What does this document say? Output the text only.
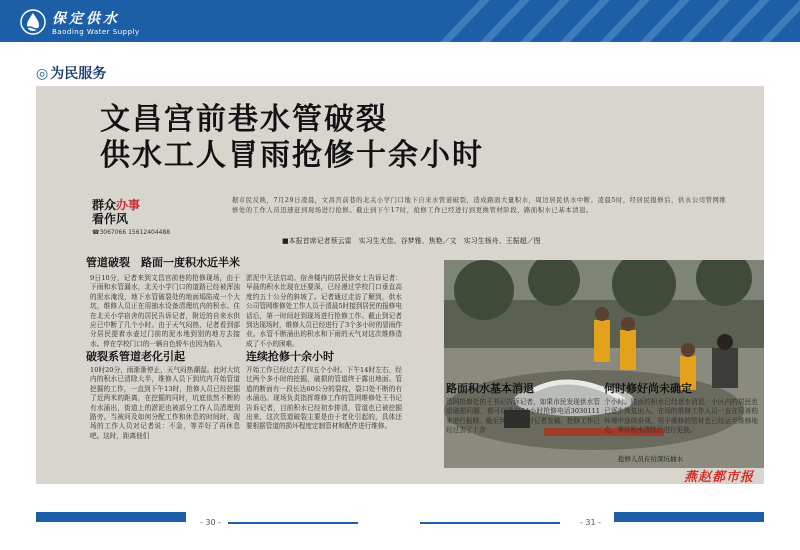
保定供水
Baoding Water Supply
◎ 为民服务
文昌宫前巷水管破裂
供水工人冒雨抢修十余小时
群众办事
看作风
☎3067066 15612404488
据市民反映，7月29日凌晨，文昌宫前巷的北关小学门口地下自来水管道破裂，造成路面大量积水，周边居民供水中断。凌晨5时，经居民报修后，供水公司管网维修处的工作人员迅速赶到现场进行抢修。截止到下午17时，抢修工作已经进行到更换管材阶段，路面积水已基本清退。
■本报首席记者蔡云雷　实习生尤佳、谷梦雅、焦艳／文　实习生杨舟、王振超／图
管道破裂　路面一度积水近半米
9日10分，记者来到文昌宫前巷的抢修现场，由于下雨和水管漏水，北关小学门口的道路已经被浑浊的泥水淹没，地下水管破裂处的地面塌陷成一个大坑，维修人员正在用抽水设备清理坑内的积水。住在北关小学宿舍的居民告诉记者，附近的自来水供应已中断了几个小时。由于天气闷热，记者看到部分居民提着水壶过门前的泥水地到别的地方去接水。停在学校门口的一辆自色轿车也因为陷入
淤泥中无法启动。宿舍楼内的居民徐女士告诉记者：早晨的积水比现在还要深，已经漫过学校门口垂直高度约五十公分的斜坡了。记者通过走访了解到，供水公司管网维修处工作人员于清晨5时接到居民的报修电话后，第一时间赶到现场进行抢修工作。截止到记者到达现场时，维修人员已经进行了3个多小时的冒雨作业。水管不断涌出的积水和下雨的天气对这次维修造成了不小的困难。
破裂系管道老化引起
10时20分，雨渐渐停止，天气闷热潮湿。此时大坑内的积水已清除大半，维修人员下到坑内开始管道挖掘的工作，一直到下午13时，抢修人员已经挖掘了近两米的距离，在挖掘的同时，坑底依然不断的有水涌出，街道上的淤泥也被部分工作人员清理到路旁。当被问及如何分配工作和休息的时间时，现场的工作人员对记者说：不急，等弄好了再休息吧。这时，距离他们
连续抢修十余小时
开始工作已经过去了四五个小时。下午14时左右，经过两个多小时的挖掘，破损的管道终于露出地面。管道的断面有一段长达60公分的裂纹，裂口处不断的有水涌出。现场负责指挥维修工作的管网维修处王书记告诉记者，目前积水已经初步排清，管道也已被挖掘出来，这次管道破裂主要是由于老化引起的，具体还要根据管道的损坏程度定制管材和配件进行维修。
抢修人员在给深坑抽水
路面积水基本消退
管网抢修处的王书记告诉记者，如果市民发现供水管道破损问题，都可以拨打24小时抢修电话3030111来进行报修。截至到下午16时记者发稿，抢修工作已经过去了十余
何时修好尚未确定
个小时。路面的积水已经逐步消退，小区内的居民也已逐步恢复出入。在场的维修工作人员一直在尽善的环境中连续奋战，用于维修的管材也已经运至维修地点，等待积水清除后进行更换。
燕赵都市报
- 30 -	- 31 -
